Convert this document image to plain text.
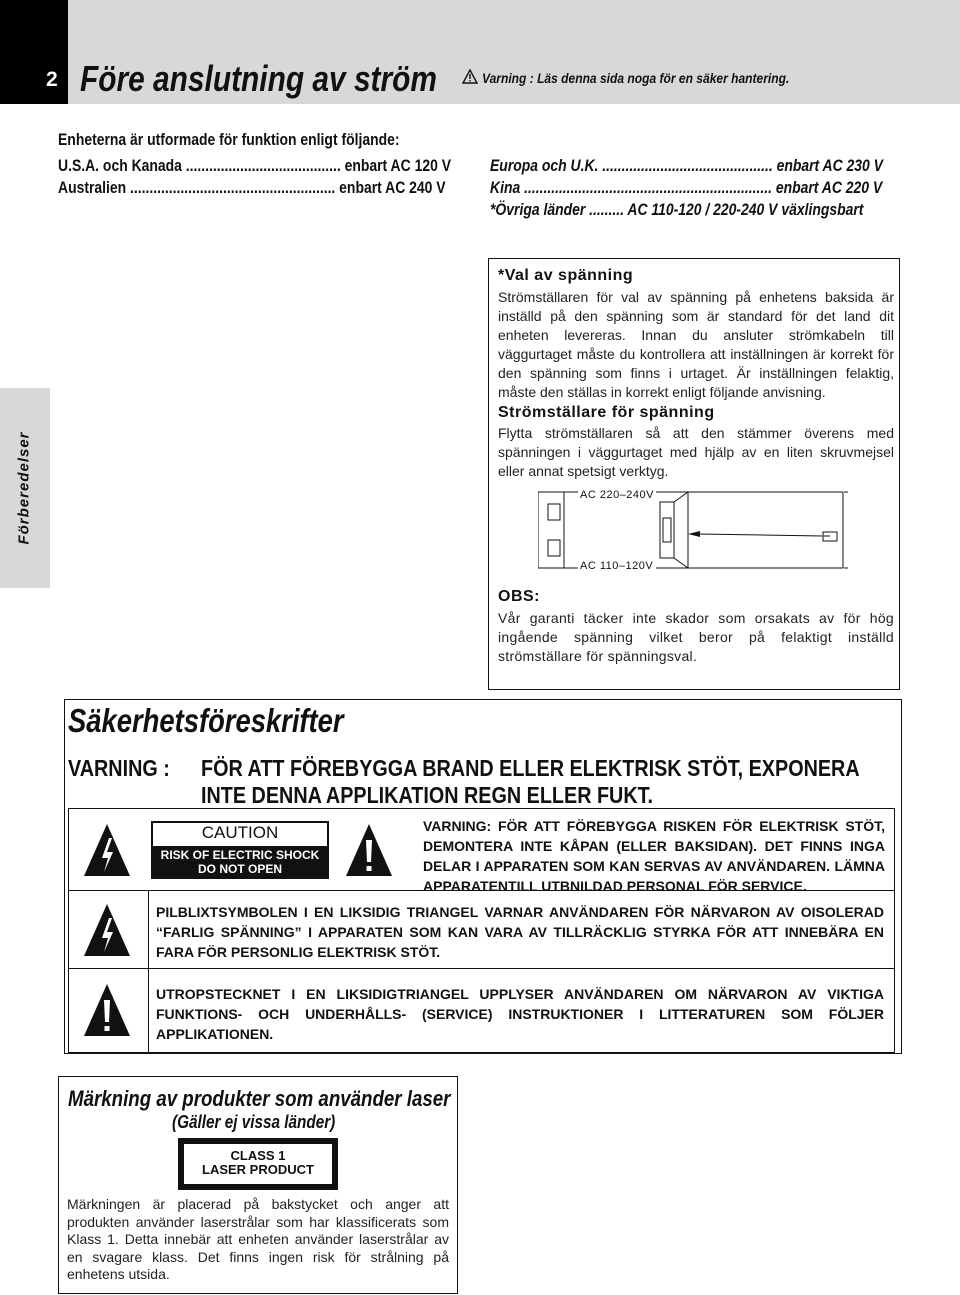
2 Före anslutning av ström	Varning : Läs denna sida noga för en säker hantering.
Enheterna är utformade för funktion enligt följande:
U.S.A. och Kanada ........................................ enbart AC 120 V
Australien ..................................................... enbart AC 240 V
Europa och U.K. ............................................ enbart AC 230 V
Kina ................................................................ enbart AC 220 V
*Övriga länder ......... AC 110-120 / 220-240 V växlingsbart
Förberedelser
*Val av spänning
Strömställaren för val av spänning på enhetens baksida är inställd på den spänning som är standard för det land dit enheten levereras. Innan du ansluter strömkabeln till väggurtaget måste du kontrollera att inställningen är korrekt för den spänning som finns i urtaget. Är inställningen felaktig, måste den ställas in korrekt enligt följande anvisning.
Strömställare för spänning
Flytta strömställaren så att den stämmer överens med spänningen i väggurtaget med hjälp av en liten skruvmejsel eller annat spetsigt verktyg.
AC 220–240V
AC 110–120V
OBS:
Vår garanti täcker inte skador som orsakats av för hög ingående spänning vilket beror på felaktigt inställd strömställare för spänningsval.
Säkerhetsföreskrifter
VARNING : FÖR ATT FÖREBYGGA BRAND ELLER ELEKTRISK STÖT, EXPONERA
INTE DENNA APPLIKATION REGN ELLER FUKT.
CAUTION
RISK OF ELECTRIC SHOCK
DO NOT OPEN
VARNING: FÖR ATT FÖREBYGGA RISKEN FÖR ELEKTRISK STÖT, DEMONTERA INTE KÅPAN (ELLER BAKSIDAN). DET FINNS INGA DELAR I APPARATEN SOM KAN SERVAS AV ANVÄNDAREN. LÄMNA APPARATENTILL UTBNILDAD PERSONAL FÖR SERVICE.
PILBLIXTSYMBOLEN I EN LIKSIDIG TRIANGEL VARNAR ANVÄNDAREN FÖR NÄRVARON AV OISOLERAD “FARLIG SPÄNNING” I APPARATEN SOM KAN VARA AV TILLRÄCKLIG STYRKA FÖR ATT INNEBÄRA EN FARA FÖR PERSONLIG ELEKTRISK STÖT.
UTROPSTECKNET I EN LIKSIDIGTRIANGEL UPPLYSER ANVÄNDAREN OM NÄRVARON AV VIKTIGA FUNKTIONS- OCH UNDERHÅLLS- (SERVICE) INSTRUKTIONER I LITTERATUREN SOM FÖLJER APPLIKATIONEN.
Märkning av produkter som använder laser
(Gäller ej vissa länder)
CLASS 1
LASER PRODUCT
Märkningen är placerad på bakstycket och anger att produkten använder laserstrålar som har klassificerats som Klass 1. Detta innebär att enheten använder laserstrålar av en svagare klass. Det finns ingen risk för strålning på enhetens utsida.
